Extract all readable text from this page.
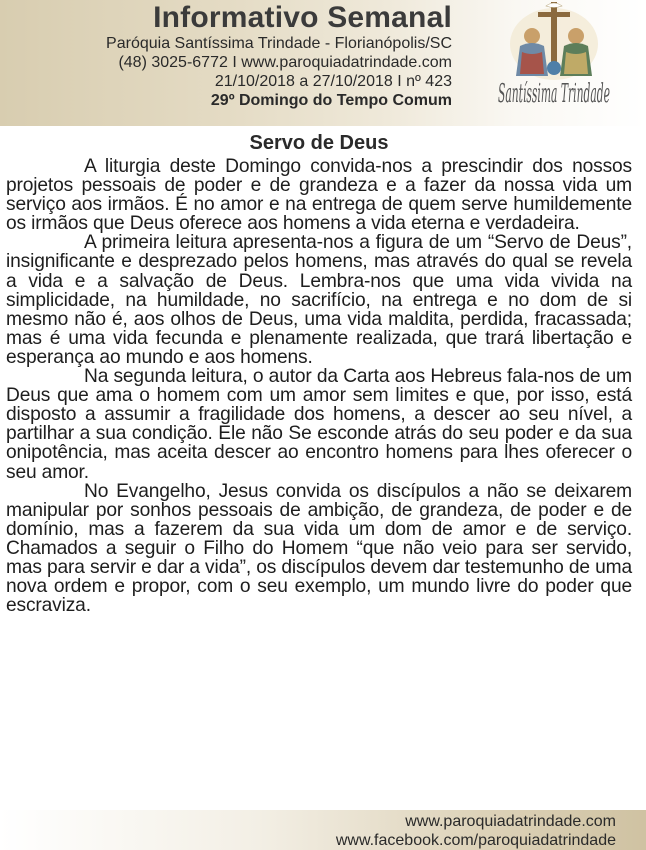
Informativo Semanal
Paróquia Santíssima Trindade - Florianópolis/SC
(48) 3025-6772 I www.paroquiadatrindade.com
21/10/2018 a 27/10/2018 I nº 423
29º Domingo do Tempo Comum Santíssima Trindade
Servo de Deus

A liturgia deste Domingo convida-nos a prescindir dos nossos projetos pessoais de poder e de grandeza e a fazer da nossa vida um serviço aos irmãos. É no amor e na entrega de quem serve humildemente os irmãos que Deus oferece aos homens a vida eterna e verdadeira.

A primeira leitura apresenta-nos a figura de um “Servo de Deus”, insignificante e desprezado pelos homens, mas através do qual se revela a vida e a salvação de Deus. Lembra-nos que uma vida vivida na simplicidade, na humildade, no sacrifício, na entrega e no dom de si mesmo não é, aos olhos de Deus, uma vida maldita, perdida, fracassada; mas é uma vida fecunda e plenamente realizada, que trará libertação e esperança ao mundo e aos homens.

Na segunda leitura, o autor da Carta aos Hebreus fala-nos de um Deus que ama o homem com um amor sem limites e que, por isso, está disposto a assumir a fragilidade dos homens, a descer ao seu nível, a partilhar a sua condição. Ele não Se esconde atrás do seu poder e da sua onipotência, mas aceita descer ao encontro homens para lhes oferecer o seu amor.

No Evangelho, Jesus convida os discípulos a não se deixarem manipular por sonhos pessoais de ambição, de grandeza, de poder e de domínio, mas a fazerem da sua vida um dom de amor e de serviço. Chamados a seguir o Filho do Homem “que não veio para ser servido, mas para servir e dar a vida”, os discípulos devem dar testemunho de uma nova ordem e propor, com o seu exemplo, um mundo livre do poder que escraviza.

www.paroquiadatrindade.com
www.facebook.com/paroquiadatrindade
